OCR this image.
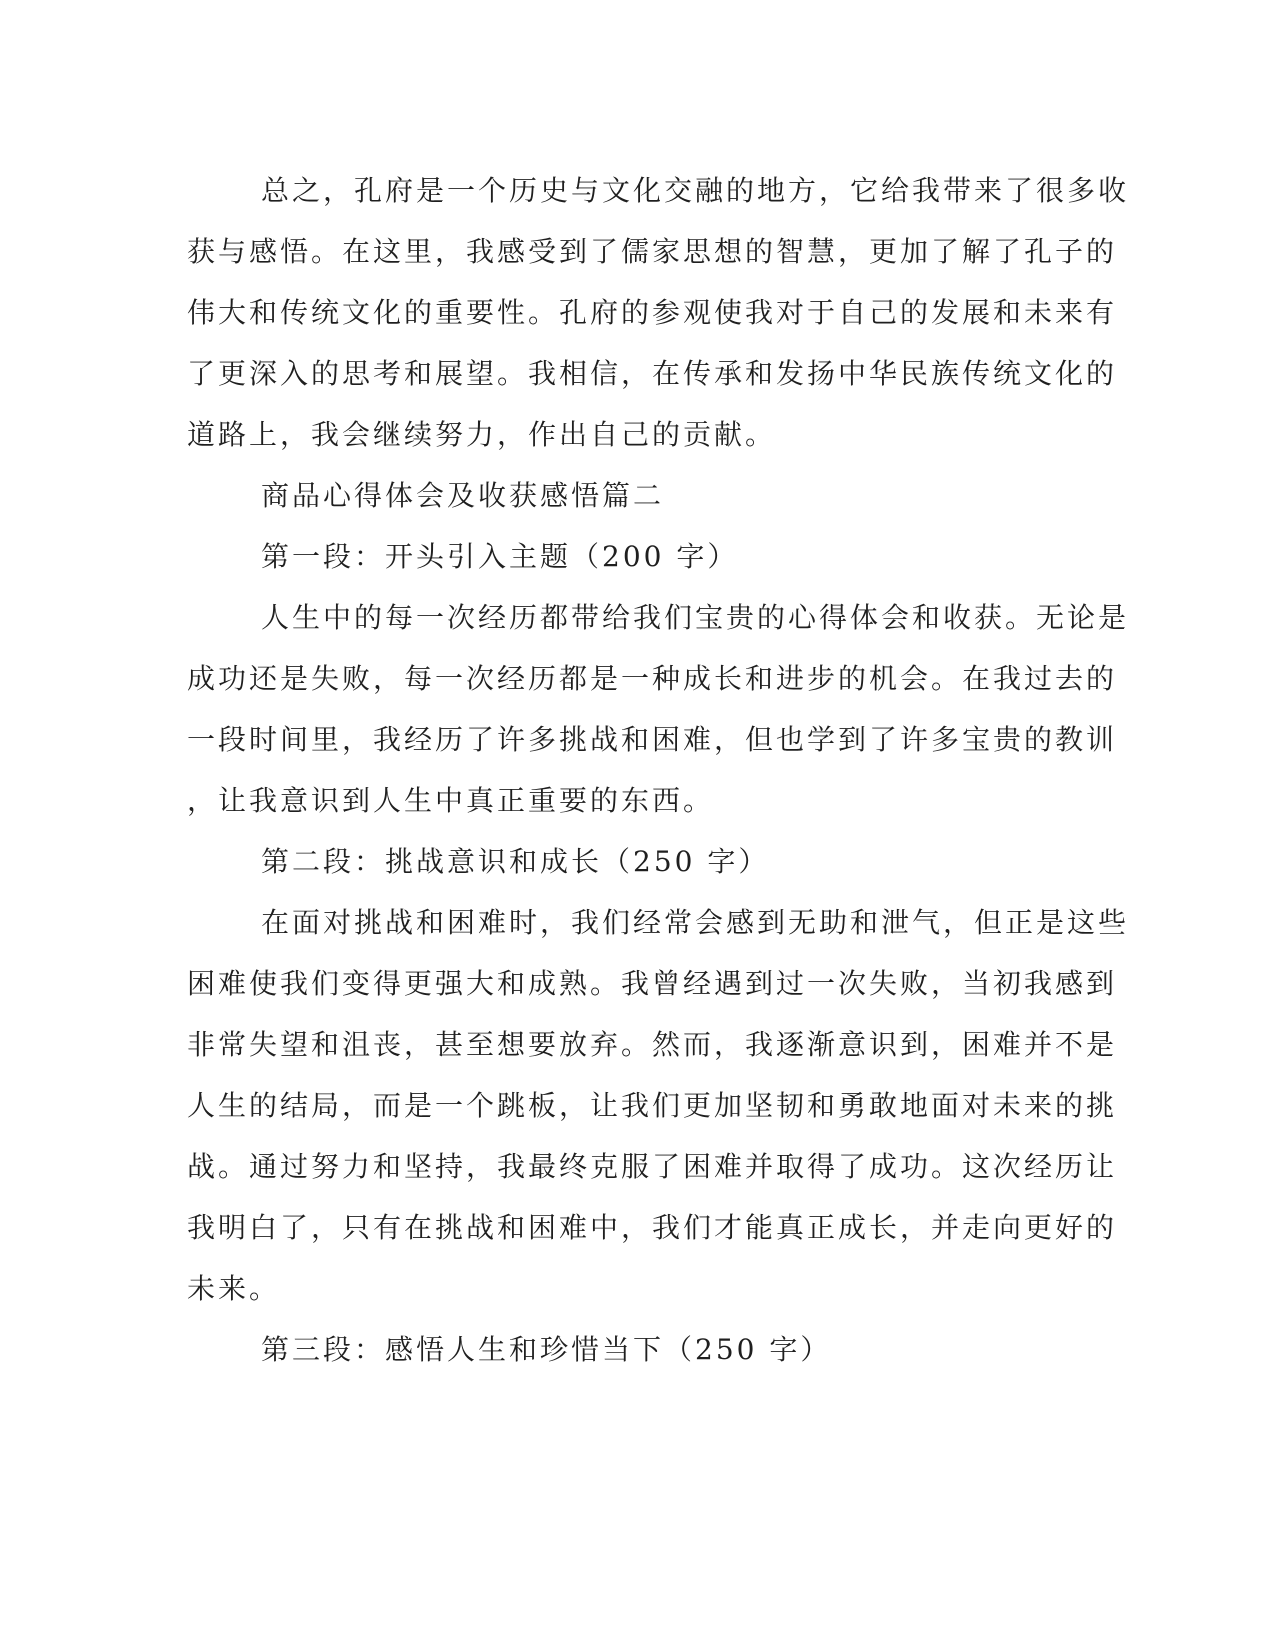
总之，孔府是一个历史与文化交融的地方，它给我带来了很多收
获与感悟。在这里，我感受到了儒家思想的智慧，更加了解了孔子的
伟大和传统文化的重要性。孔府的参观使我对于自己的发展和未来有
了更深入的思考和展望。我相信，在传承和发扬中华民族传统文化的
道路上，我会继续努力，作出自己的贡献。
商品心得体会及收获感悟篇二
第一段：开头引入主题（200 字）
人生中的每一次经历都带给我们宝贵的心得体会和收获。无论是
成功还是失败，每一次经历都是一种成长和进步的机会。在我过去的
一段时间里，我经历了许多挑战和困难，但也学到了许多宝贵的教训
，让我意识到人生中真正重要的东西。
第二段：挑战意识和成长（250 字）
在面对挑战和困难时，我们经常会感到无助和泄气，但正是这些
困难使我们变得更强大和成熟。我曾经遇到过一次失败，当初我感到
非常失望和沮丧，甚至想要放弃。然而，我逐渐意识到，困难并不是
人生的结局，而是一个跳板，让我们更加坚韧和勇敢地面对未来的挑
战。通过努力和坚持，我最终克服了困难并取得了成功。这次经历让
我明白了，只有在挑战和困难中，我们才能真正成长，并走向更好的
未来。
第三段：感悟人生和珍惜当下（250 字）
